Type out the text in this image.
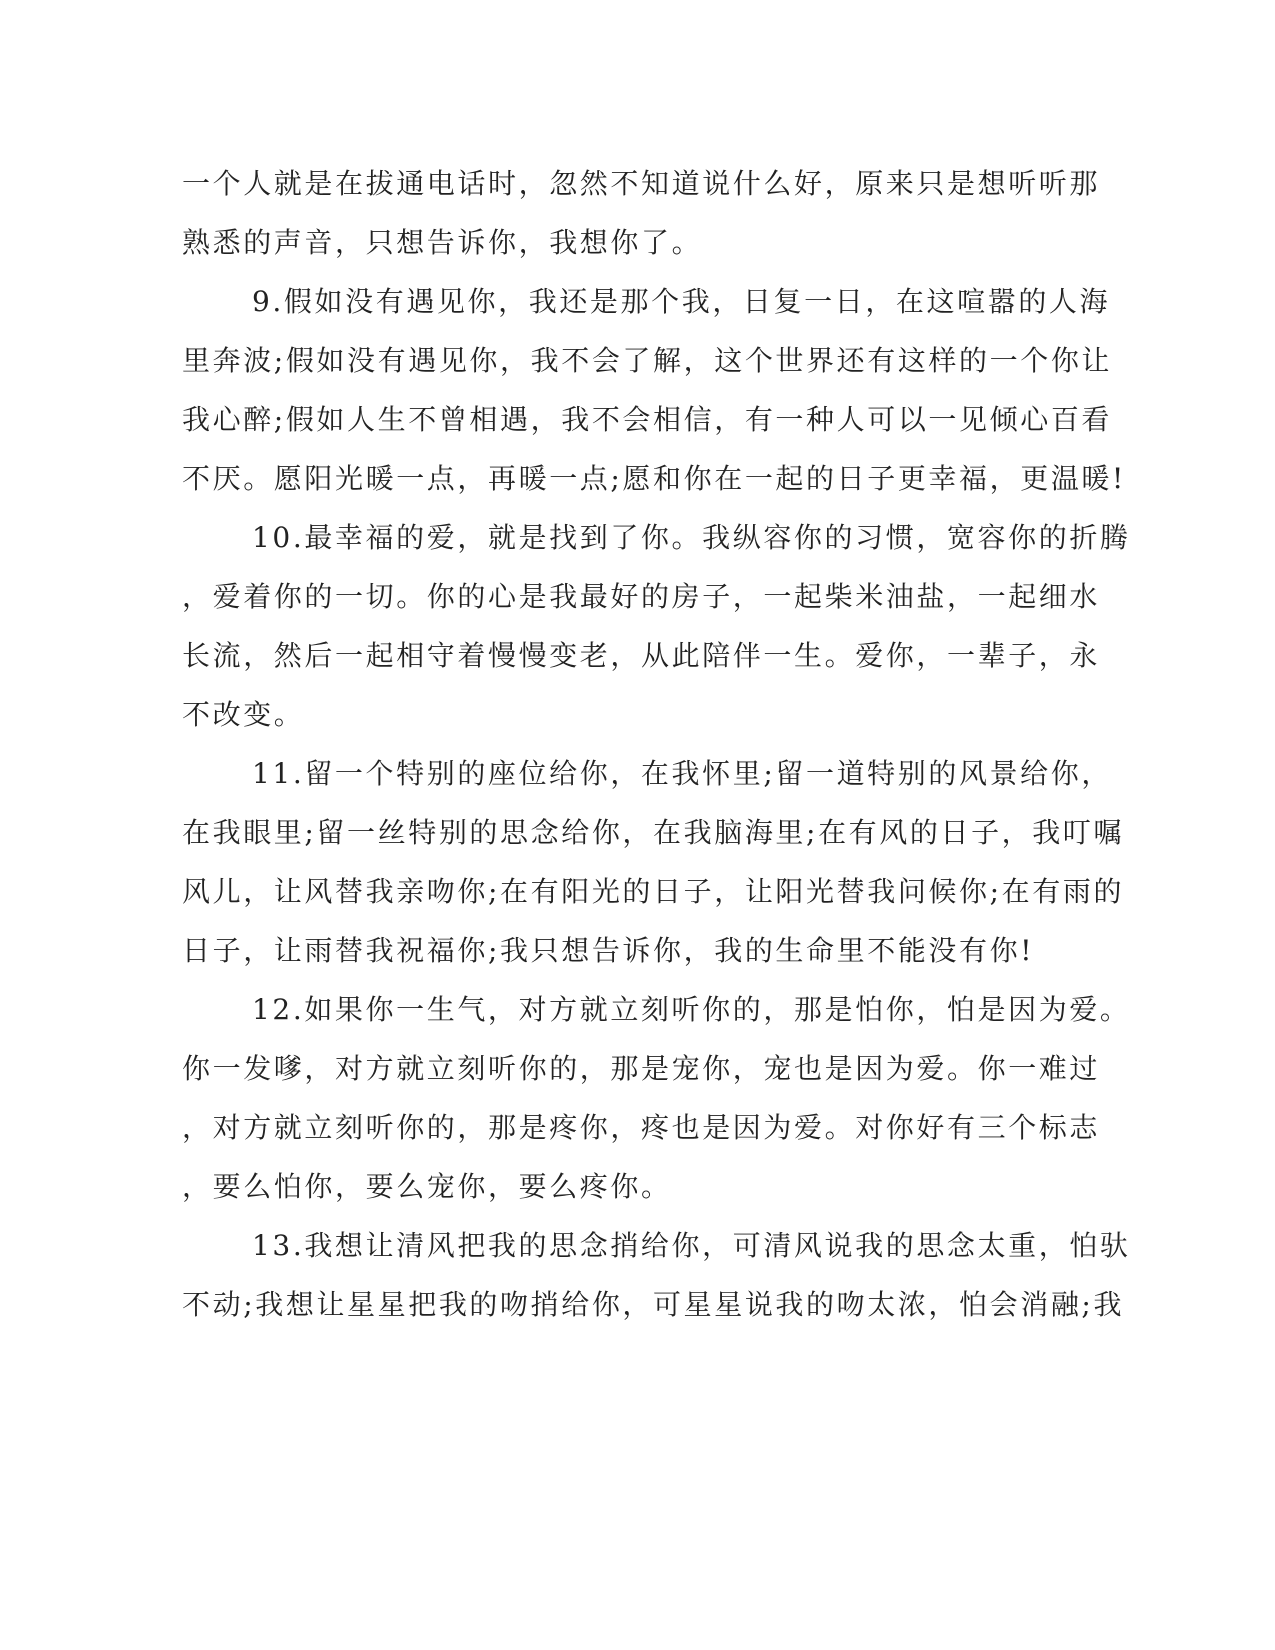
一个人就是在拔通电话时，忽然不知道说什么好，原来只是想听听那
熟悉的声音，只想告诉你，我想你了。
9.假如没有遇见你，我还是那个我，日复一日，在这喧嚣的人海
里奔波;假如没有遇见你，我不会了解，这个世界还有这样的一个你让
我心醉;假如人生不曾相遇，我不会相信，有一种人可以一见倾心百看
不厌。愿阳光暖一点，再暖一点;愿和你在一起的日子更幸福，更温暖!
10.最幸福的爱，就是找到了你。我纵容你的习惯，宽容你的折腾
，爱着你的一切。你的心是我最好的房子，一起柴米油盐，一起细水
长流，然后一起相守着慢慢变老，从此陪伴一生。爱你，一辈子，永
不改变。
11.留一个特别的座位给你，在我怀里;留一道特别的风景给你，
在我眼里;留一丝特别的思念给你，在我脑海里;在有风的日子，我叮嘱
风儿，让风替我亲吻你;在有阳光的日子，让阳光替我问候你;在有雨的
日子，让雨替我祝福你;我只想告诉你，我的生命里不能没有你!
12.如果你一生气，对方就立刻听你的，那是怕你，怕是因为爱。
你一发嗲，对方就立刻听你的，那是宠你，宠也是因为爱。你一难过
，对方就立刻听你的，那是疼你，疼也是因为爱。对你好有三个标志
，要么怕你，要么宠你，要么疼你。
13.我想让清风把我的思念捎给你，可清风说我的思念太重，怕驮
不动;我想让星星把我的吻捎给你，可星星说我的吻太浓，怕会消融;我
